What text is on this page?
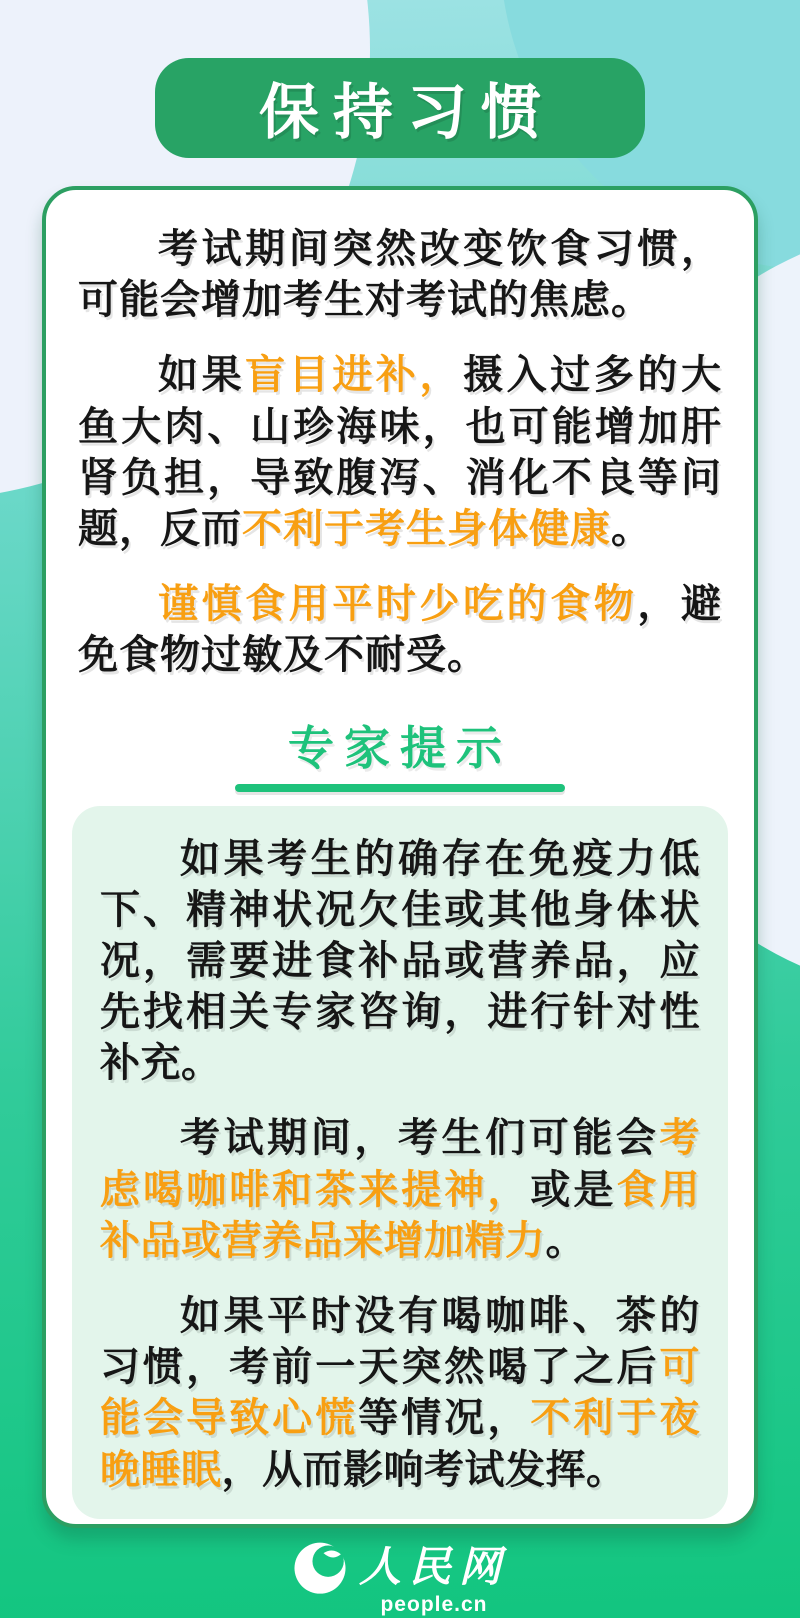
保持习惯

考试期间突然改变饮食习惯，可能会增加考生对考试的焦虑。

如果盲目进补，摄入过多的大鱼大肉、山珍海味，也可能增加肝肾负担，导致腹泻、消化不良等问题，反而不利于考生身体健康。

谨慎食用平时少吃的食物，避免食物过敏及不耐受。

专家提示

如果考生的确存在免疫力低下、精神状况欠佳或其他身体状况，需要进食补品或营养品，应先找相关专家咨询，进行针对性补充。

考试期间，考生们可能会考虑喝咖啡和茶来提神，或是食用补品或营养品来增加精力。

如果平时没有喝咖啡、茶的习惯，考前一天突然喝了之后可能会导致心慌等情况，不利于夜晚睡眠，从而影响考试发挥。

人民网
people.cn
